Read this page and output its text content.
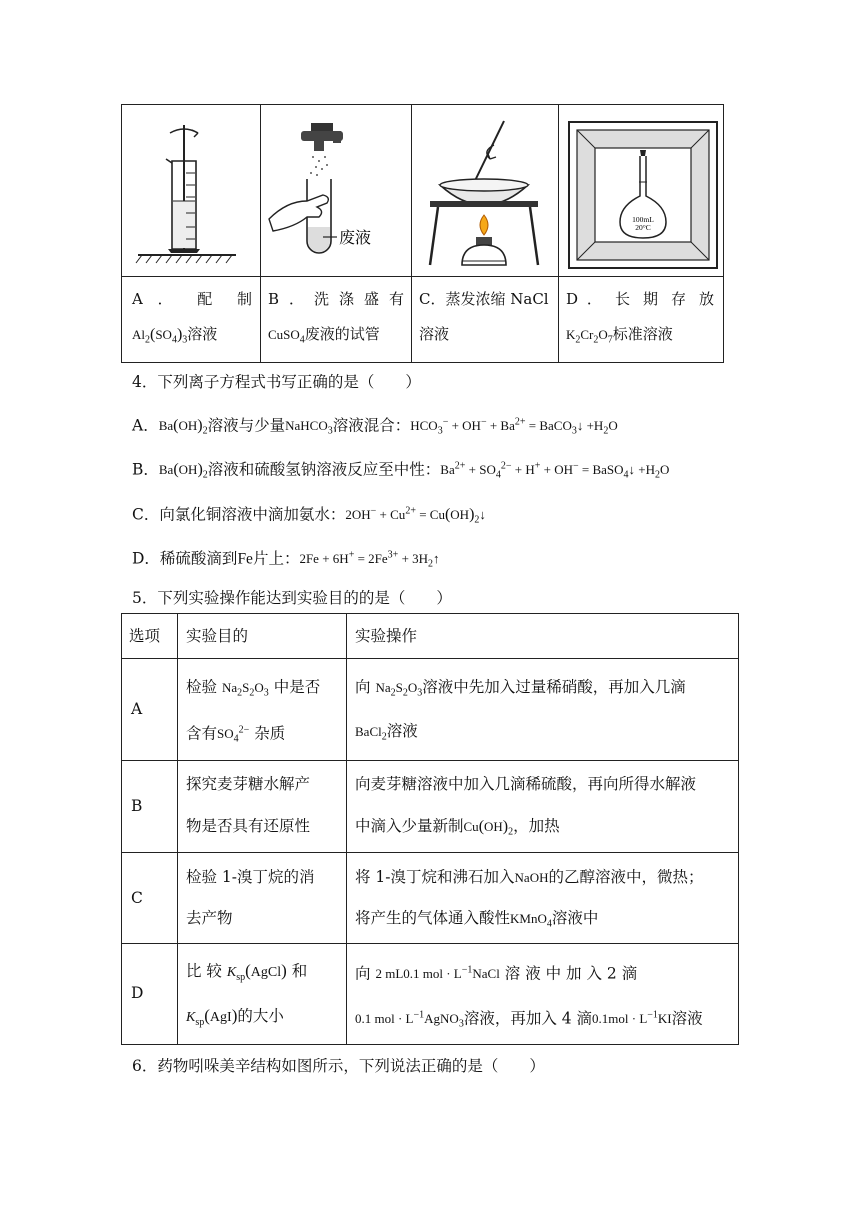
废液
100mL
20°C
A ． 配 制
$Al_2(SO_4)_3$溶液
B．洗涤盛有
CuSO$_4$废液的试管
C．蒸发浓缩 NaCl
溶液
D ． 长 期 存 放
$K_2Cr_2O_7$标准溶液
4．下列离子方程式书写正确的是（　　）
A．$Ba(OH)_2$溶液与少量NaHCO$_3$溶液混合：$HCO_3^- + OH^- + Ba^{2+}$ = BaCO$_3$↓ $+H_2O$
B．$Ba(OH)_2$溶液和硫酸氢钠溶液反应至中性：$Ba^{2+} + SO_4^{2-} + H^+ + OH^-$ = BaSO$_4$↓ $+H_2O$
C．向氯化铜溶液中滴加氨水：$2OH^- + Cu^{2+}$ = $Cu(OH)_2↓$
D．稀硫酸滴到Fe片上：$2Fe + 6H^+ = 2Fe^{3+}$ + $3H_2↑$
5．下列实验操作能达到实验目的的是（　　）
选项 实验目的	实验操作
A
检验 $Na_2S_2O_3$ 中是否
含有$SO_4^{2-}$ 杂质
向 $Na_2S_2O_3$溶液中先加入过量稀硝酸，再加入几滴
BaCl$_2$溶液
B
探究麦芽糖水解产
物是否具有还原性
向麦芽糖溶液中加入几滴稀硫酸，再向所得水解液
中滴入少量新制$Cu(OH)_2$，加热
C
检验 1-溴丁烷的消
去产物
将 1-溴丁烷和沸石加入NaOH的乙醇溶液中，微热；
将产生的气体通入酸性KMnO$_4$溶液中
D
比 较 $K_{sp}(AgCl)$ 和
$K_{sp}(AgI)$的大小
向 2 mL0.1 mol · $L^{-1}NaCl$ 溶 液 中 加 入 2 滴
0.1 mol · $L^{-1}AgNO_3$溶液，再加入 4 滴$0.1mol \cdot L^{-1}KI$溶液
6．药物吲哚美辛结构如图所示，下列说法正确的是（　　）
